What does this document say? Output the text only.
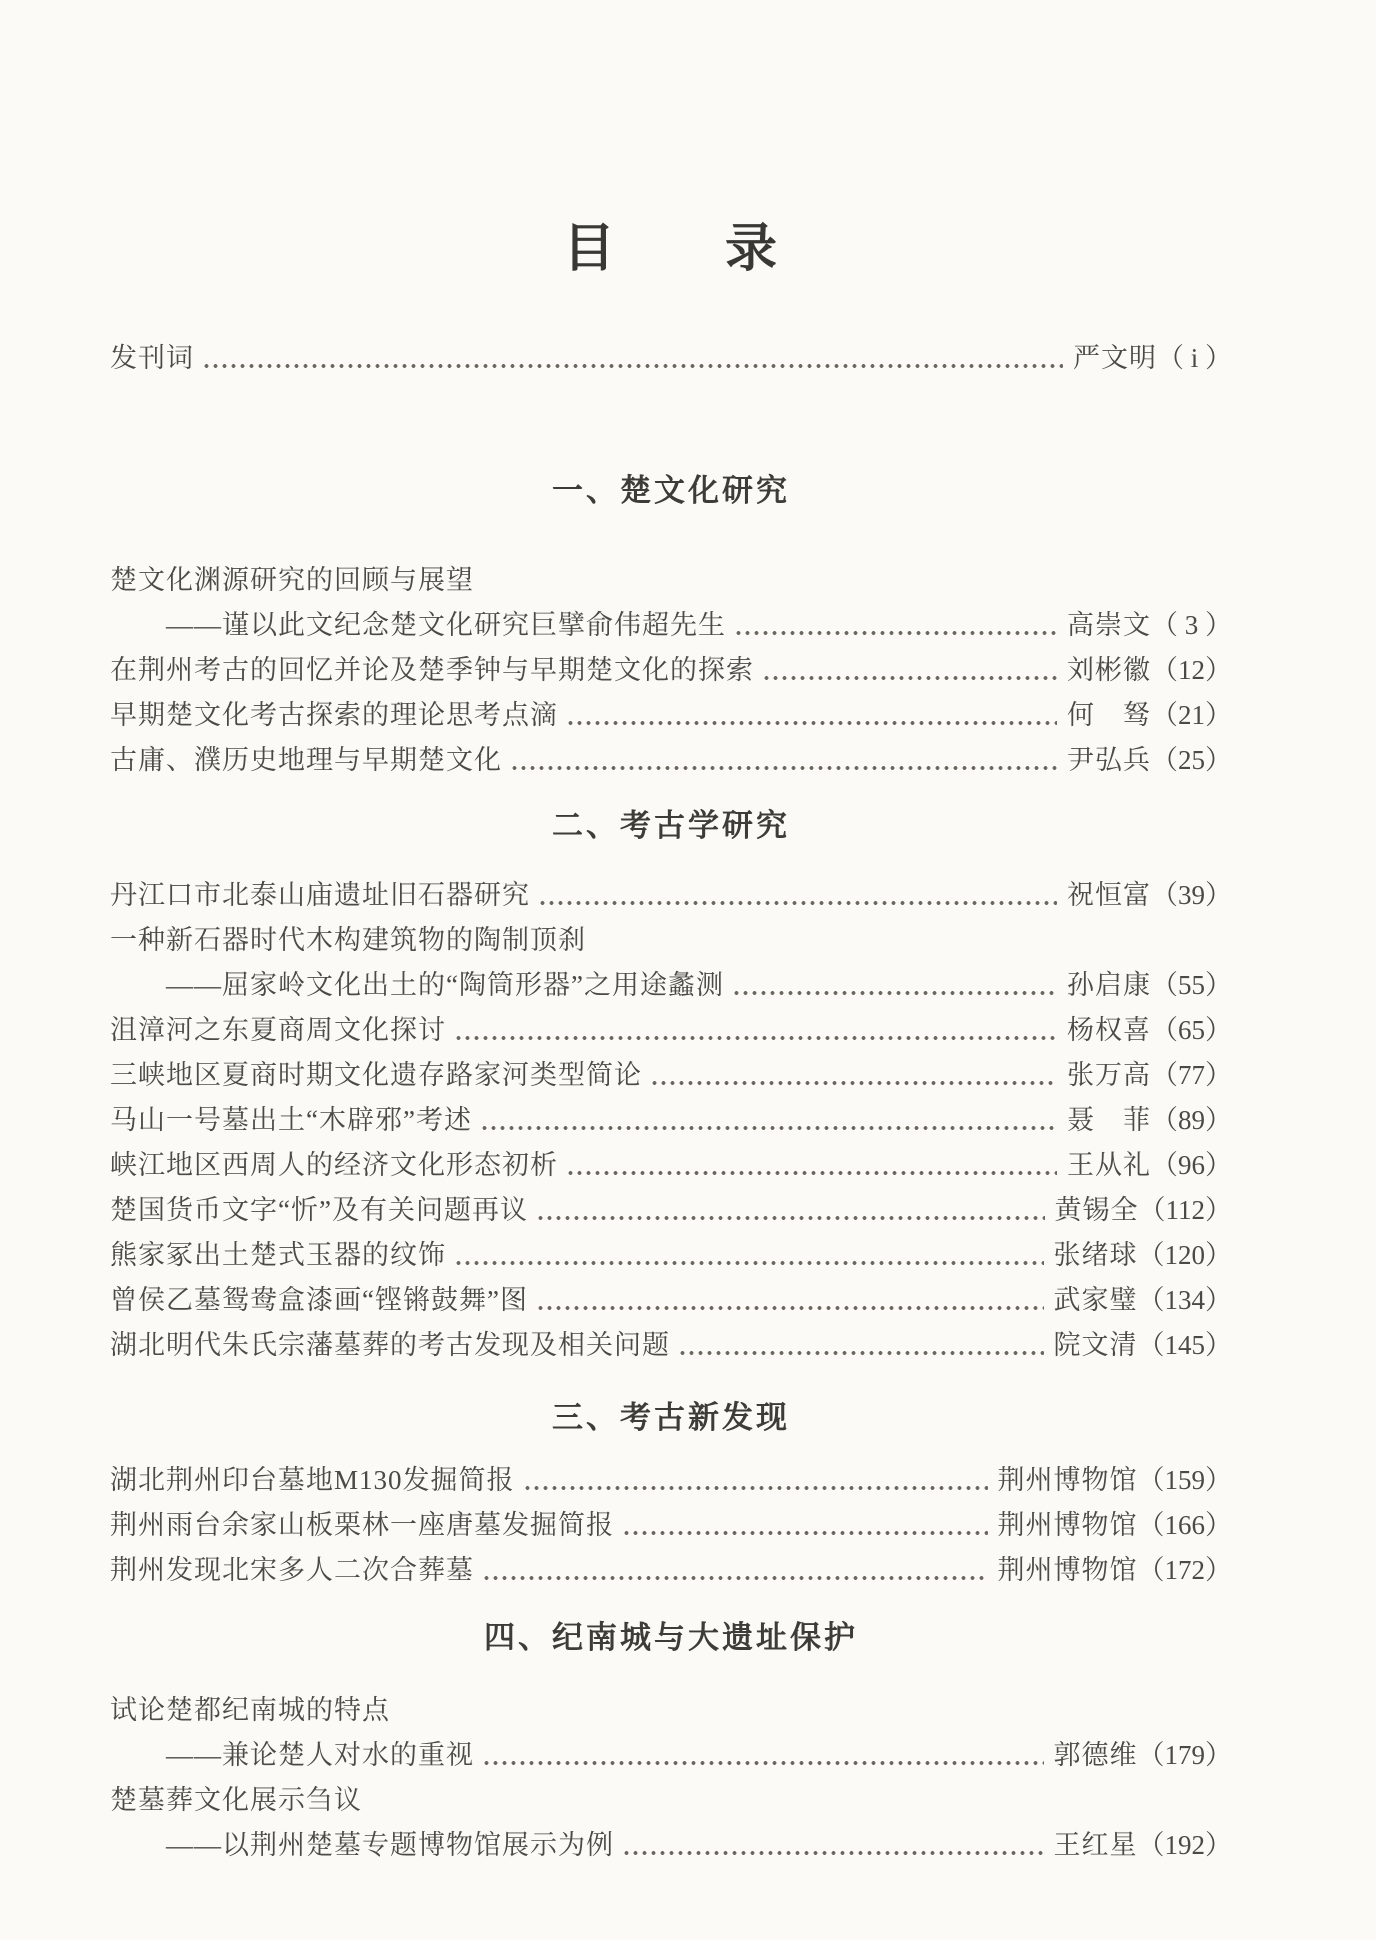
目　　录
发刊词	严文明 （ i ）
一、楚文化研究
楚文化渊源研究的回顾与展望
——谨以此文纪念楚文化研究巨擘俞伟超先生	高崇文 （ 3 ）
在荆州考古的回忆并论及楚季钟与早期楚文化的探索	刘彬徽 （12）
早期楚文化考古探索的理论思考点滴	何　驽 （21）
古庸、濮历史地理与早期楚文化	尹弘兵 （25）
二、考古学研究
丹江口市北泰山庙遗址旧石器研究	祝恒富 （39）
一种新石器时代木构建筑物的陶制顶刹
——屈家岭文化出土的“陶筒形器”之用途蠡测	孙启康 （55）
沮漳河之东夏商周文化探讨	杨权喜 （65）
三峡地区夏商时期文化遗存路家河类型简论	张万高 （77）
马山一号墓出土“木辟邪”考述	聂　菲 （89）
峡江地区西周人的经济文化形态初析	王从礼 （96）
楚国货币文字“忻”及有关问题再议	黄锡全 （112）
熊家冢出土楚式玉器的纹饰	张绪球 （120）
曾侯乙墓鸳鸯盒漆画“铿锵鼓舞”图	武家璧 （134）
湖北明代朱氏宗藩墓葬的考古发现及相关问题	院文清 （145）
三、考古新发现
湖北荆州印台墓地M130发掘简报	荆州博物馆 （159）
荆州雨台余家山板栗林一座唐墓发掘简报	荆州博物馆 （166）
荆州发现北宋多人二次合葬墓	荆州博物馆 （172）
四、纪南城与大遗址保护
试论楚都纪南城的特点
——兼论楚人对水的重视	郭德维 （179）
楚墓葬文化展示刍议
——以荆州楚墓专题博物馆展示为例	王红星 （192）
